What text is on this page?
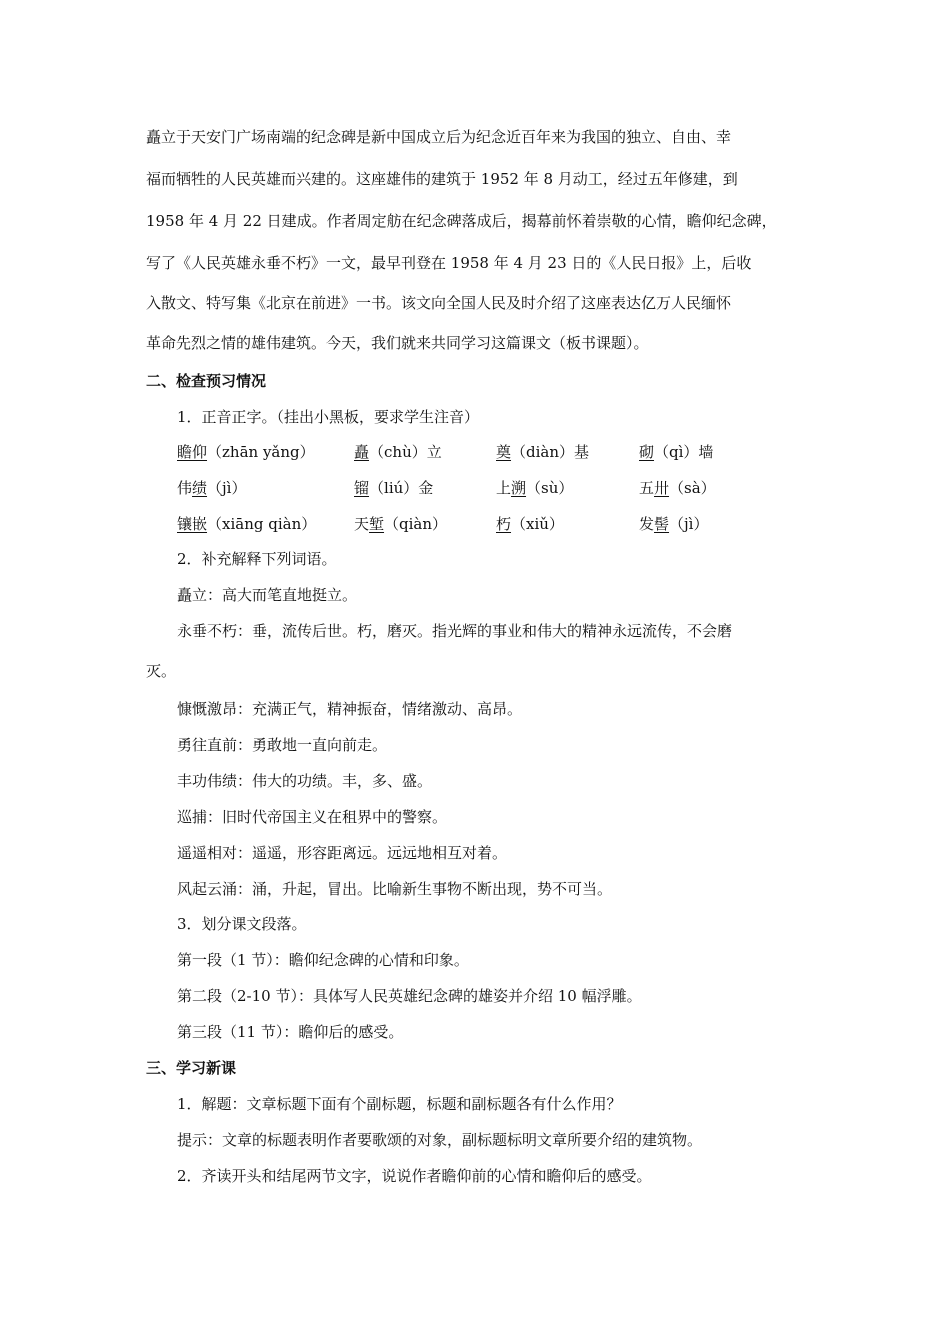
矗立于天安门广场南端的纪念碑是新中国成立后为纪念近百年来为我国的独立、自由、幸
福而牺牲的人民英雄而兴建的。这座雄伟的建筑于 1952 年 8 月动工，经过五年修建，到
1958 年 4 月 22 日建成。作者周定舫在纪念碑落成后，揭幕前怀着崇敬的心情，瞻仰纪念碑，
写了《人民英雄永垂不朽》一文，最早刊登在 1958 年 4 月 23 日的《人民日报》上，后收
入散文、特写集《北京在前进》一书。该文向全国人民及时介绍了这座表达亿万人民缅怀
革命先烈之情的雄伟建筑。今天，我们就来共同学习这篇课文（板书课题）。
二、检查预习情况
1．正音正字。（挂出小黑板，要求学生注音）
瞻仰（zhān yǎng）	矗（chù）立	奠（diàn）基	砌（qì）墙
伟绩（jì）	镏（liú）金	上溯（sù）	五卅（sà）
镶嵌（xiāng qiàn）	天堑（qiàn）	朽（xiǔ）	发髻（jì）
2．补充解释下列词语。
矗立：高大而笔直地挺立。
永垂不朽：垂，流传后世。朽，磨灭。指光辉的事业和伟大的精神永远流传，不会磨
灭。
慷慨激昂：充满正气，精神振奋，情绪激动、高昂。
勇往直前：勇敢地一直向前走。
丰功伟绩：伟大的功绩。丰，多、盛。
巡捕：旧时代帝国主义在租界中的警察。
遥遥相对：遥遥，形容距离远。远远地相互对着。
风起云涌：涌，升起，冒出。比喻新生事物不断出现，势不可当。
3．划分课文段落。
第一段（1 节）：瞻仰纪念碑的心情和印象。
第二段（2-10 节）：具体写人民英雄纪念碑的雄姿并介绍 10 幅浮雕。
第三段（11 节）：瞻仰后的感受。
三、学习新课
1．解题：文章标题下面有个副标题，标题和副标题各有什么作用？
提示：文章的标题表明作者要歌颂的对象，副标题标明文章所要介绍的建筑物。
2．齐读开头和结尾两节文字，说说作者瞻仰前的心情和瞻仰后的感受。
